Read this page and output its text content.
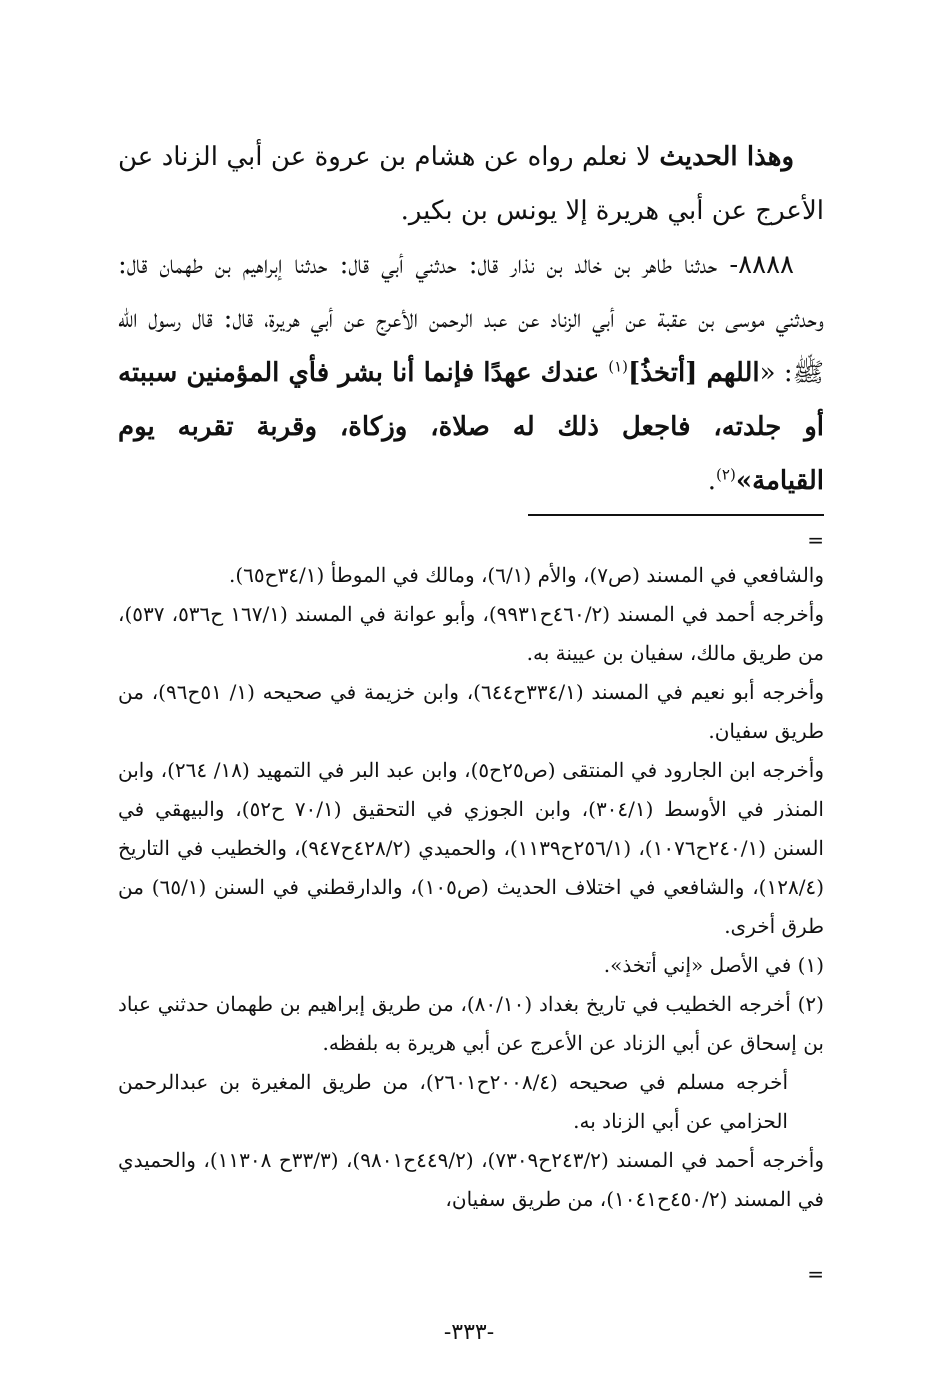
وهذا الحديث لا نعلم رواه عن هشام بن عروة عن أبي الزناد عن الأعرج عن أبي هريرة إلا يونس بن بكير.

٨٨٨٨- حدثنا طاهر بن خالد بن نذار قال: حدثني أبي قال: حدثنا إبراهيم بن طهمان قال: وحدثني موسى بن عقبة عن أبي الزناد عن عبد الرحمن الأعرج عن أبي هريرة، قال: قال رسول الله ﷺ: «اللهم [أتخذُ]$^{(١)}$ عندك عهدًا فإنما أنا بشر فأي المؤمنين سببته أو جلدته، فاجعل ذلك له صلاة، وزكاة، وقربة تقربه يوم القيامة»$^{(٢)}$.

=

والشافعي في المسند (ص٧)، والأم (٦/١)، ومالك في الموطأ (٣٤/١ح٦٥).

وأخرجه أحمد في المسند (٤٦٠/٢ح٩٩٣١)، وأبو عوانة في المسند (١٦٧/١ ح٥٣٦، ٥٣٧)، من طريق مالك، سفيان بن عيينة به.

وأخرجه أبو نعيم في المسند (٣٣٤/١ح٦٤٤)، وابن خزيمة في صحيحه (١/ ٥١ح٩٦)، من طريق سفيان.

وأخرجه ابن الجارود في المنتقى (ص٢٥ح٥)، وابن عبد البر في التمهيد (١٨/ ٢٦٤)، وابن المنذر في الأوسط (٣٠٤/١)، وابن الجوزي في التحقيق (٧٠/١ ح٥٢)، والبيهقي في السنن (٢٤٠/١ح١٠٧٦)، (٢٥٦/١ح١١٣٩)، والحميدي (٤٢٨/٢ح٩٤٧)، والخطيب في التاريخ (١٢٨/٤)، والشافعي في اختلاف الحديث (ص١٠٥)، والدارقطني في السنن (٦٥/١) من طرق أخرى.

(١) في الأصل «إني أتخذ».

(٢) أخرجه الخطيب في تاريخ بغداد (٨٠/١٠)، من طريق إبراهيم بن طهمان حدثني عباد بن إسحاق عن أبي الزناد عن الأعرج عن أبي هريرة به بلفظه.

أخرجه مسلم في صحيحه (٢٠٠٨/٤ح٢٦٠١)، من طريق المغيرة بن عبدالرحمن الحزامي عن أبي الزناد به.

وأخرجه أحمد في المسند (٢٤٣/٢ح٧٣٠٩)، (٤٤٩/٢ح٩٨٠١)، (٣٣/٣ح ١١٣٠٨)، والحميدي في المسند (٤٥٠/٢ح١٠٤١)، من طريق سفيان،

=
-٣٣٣-
